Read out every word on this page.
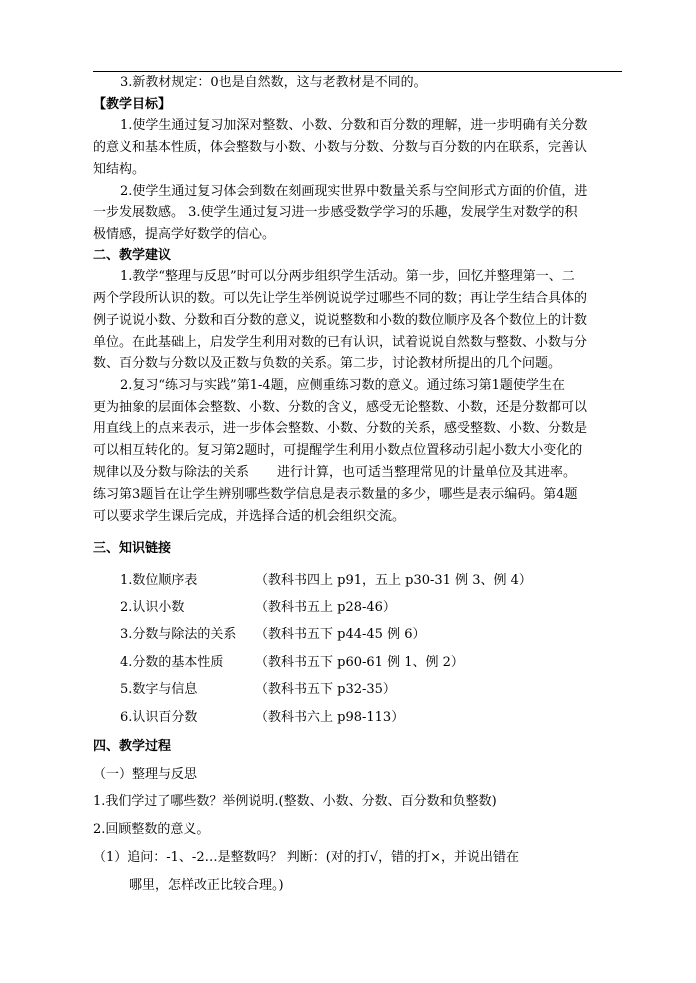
3.新教材规定：0也是自然数，这与老教材是不同的。
【教学目标】
1.使学生通过复习加深对整数、小数、分数和百分数的理解，进一步明确有关分数
的意义和基本性质，体会整数与小数、小数与分数、分数与百分数的内在联系，完善认
知结构。
2.使学生通过复习体会到数在刻画现实世界中数量关系与空间形式方面的价值，进
一步发展数感。 3.使学生通过复习进一步感受数学学习的乐趣，发展学生对数学的积
极情感，提高学好数学的信心。
二、教学建议
1.教学“整理与反思”时可以分两步组织学生活动。第一步，回忆并整理第一、二
两个学段所认识的数。可以先让学生举例说说学过哪些不同的数；再让学生结合具体的
例子说说小数、分数和百分数的意义，说说整数和小数的数位顺序及各个数位上的计数
单位。在此基础上，启发学生利用对数的已有认识，试着说说自然数与整数、小数与分
数、百分数与分数以及正数与负数的关系。第二步，讨论教材所提出的几个问题。
2.复习“练习与实践”第1-4题，应侧重练习数的意义。通过练习第1题使学生在
更为抽象的层面体会整数、小数、分数的含义，感受无论整数、小数，还是分数都可以
用直线上的点来表示，进一步体会整数、小数、分数的关系，感受整数、小数、分数是
可以相互转化的。复习第2题时，可提醒学生利用小数点位置移动引起小数大小变化的
规律以及分数与除法的关系 进行计算，也可适当整理常见的计量单位及其进率。
练习第3题旨在让学生辨别哪些数学信息是表示数量的多少，哪些是表示编码。第4题
可以要求学生课后完成，并选择合适的机会组织交流。
三、知识链接
1.数位顺序表	（教科书四上 p91，五上 p30-31 例 3、例 4）
2.认识小数	（教科书五上 p28-46）
3.分数与除法的关系 （教科书五下 p44-45 例 6）
4.分数的基本性质 （教科书五下 p60-61 例 1、例 2）
5.数字与信息	（教科书五下 p32-35）
6.认识百分数	（教科书六上 p98-113）
四、教学过程
（一）整理与反思
1.我们学过了哪些数？举例说明.(整数、小数、分数、百分数和负整数)
2.回顾整数的意义。
（1）追问：-1、-2…是整数吗？ 判断：(对的打√，错的打×，并说出错在
哪里，怎样改正比较合理。)
